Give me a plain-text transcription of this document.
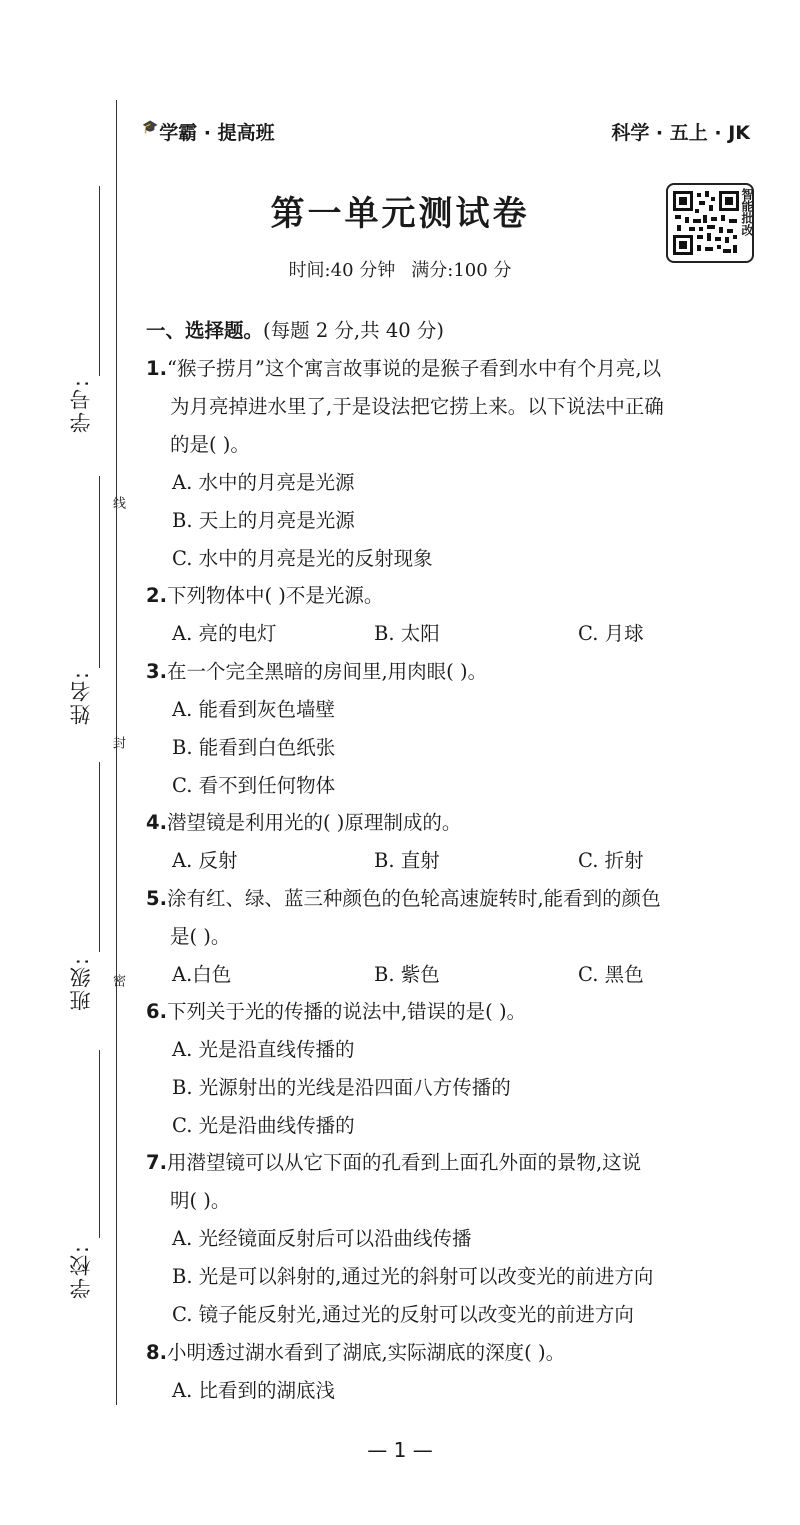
学号:
线
姓名:
封
班级:	密
学校:
🎓学霸 · 提高班	科学 · 五上 · JK
第一单元测试卷
时间:40 分钟 满分:100 分
智能批改
一、选择题。(每题 2 分,共 40 分)
1.“猴子捞月”这个寓言故事说的是猴子看到水中有个月亮,以
为月亮掉进水里了,于是设法把它捞上来。以下说法中正确
的是( )。
A. 水中的月亮是光源
B. 天上的月亮是光源
C. 水中的月亮是光的反射现象
2.下列物体中( )不是光源。
A. 亮的电灯	B. 太阳	C. 月球
3.在一个完全黑暗的房间里,用肉眼( )。
A. 能看到灰色墙壁
B. 能看到白色纸张
C. 看不到任何物体
4.潜望镜是利用光的( )原理制成的。
A. 反射	B. 直射	C. 折射
5.涂有红、绿、蓝三种颜色的色轮高速旋转时,能看到的颜色
是( )。
A.白色	B. 紫色	C. 黑色
6.下列关于光的传播的说法中,错误的是( )。
A. 光是沿直线传播的
B. 光源射出的光线是沿四面八方传播的
C. 光是沿曲线传播的
7.用潜望镜可以从它下面的孔看到上面孔外面的景物,这说
明( )。
A. 光经镜面反射后可以沿曲线传播
B. 光是可以斜射的,通过光的斜射可以改变光的前进方向
C. 镜子能反射光,通过光的反射可以改变光的前进方向
8.小明透过湖水看到了湖底,实际湖底的深度( )。
A. 比看到的湖底浅
— 1 —
